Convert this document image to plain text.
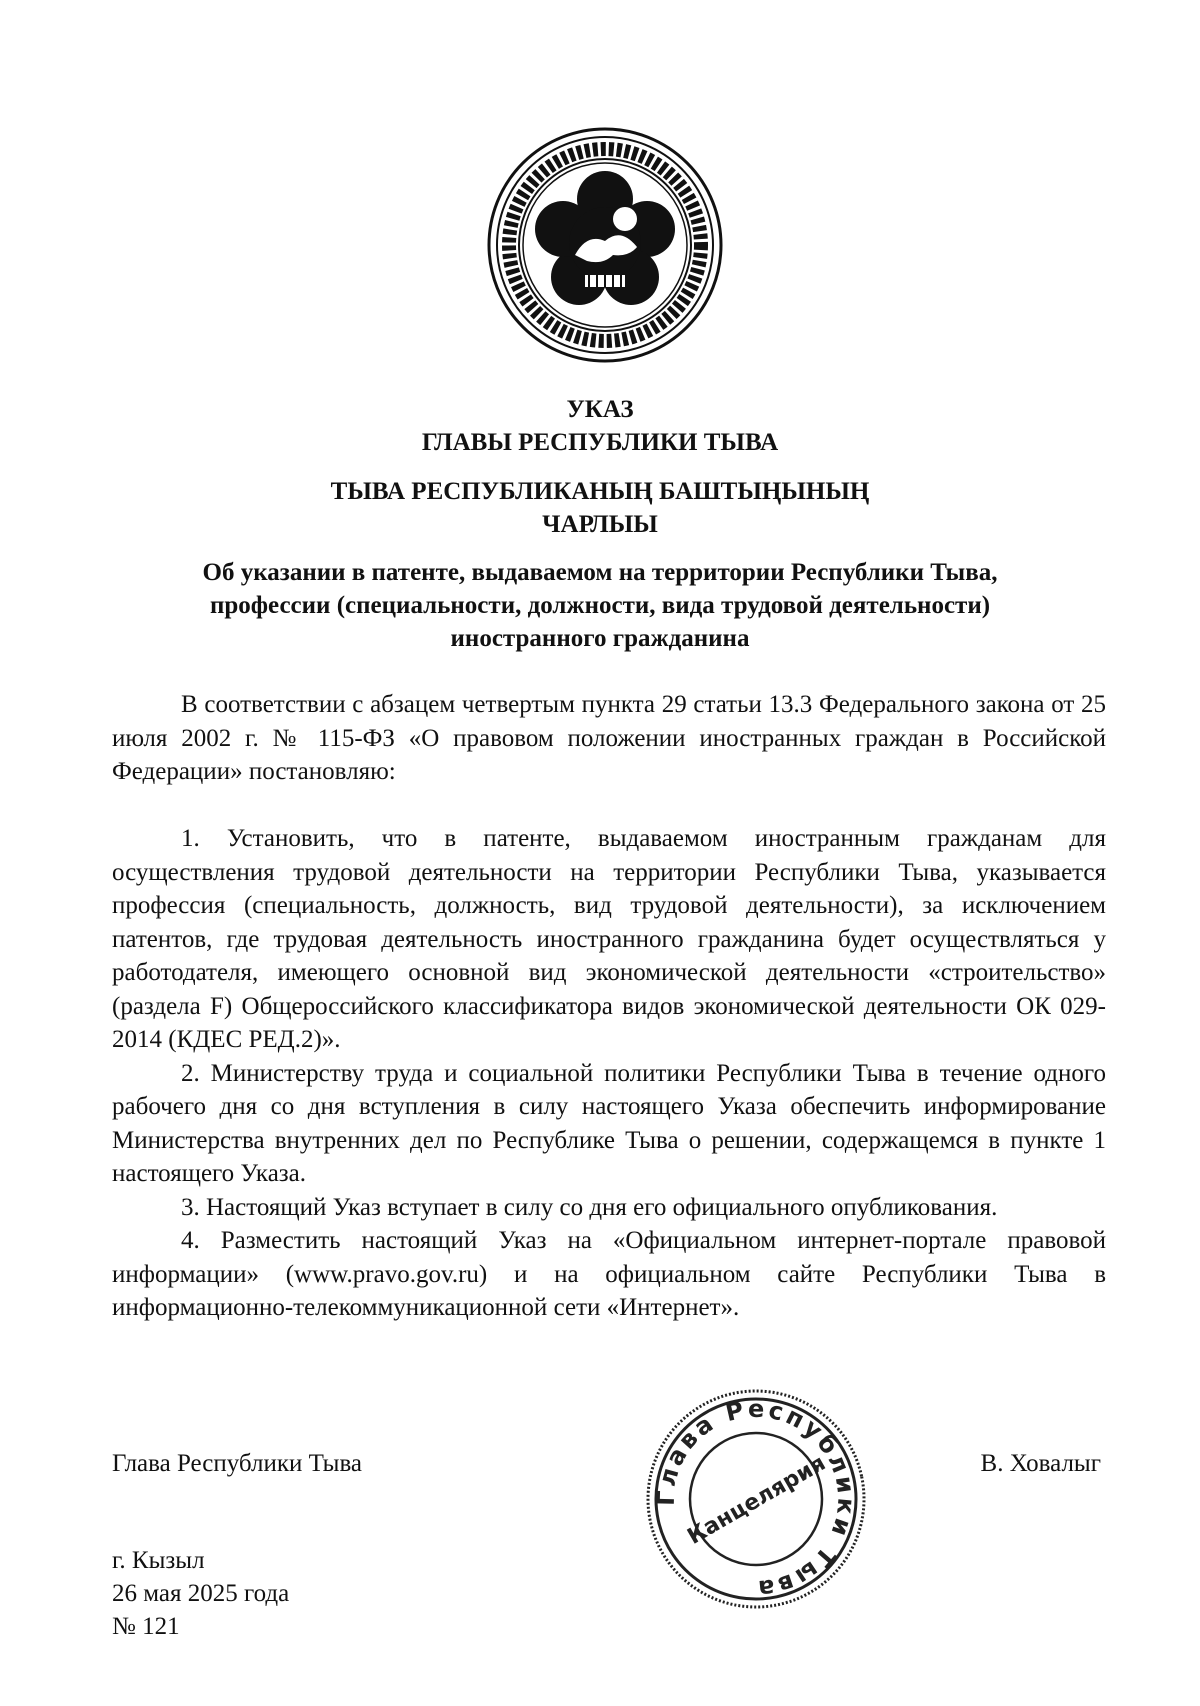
УКАЗ
ГЛАВЫ РЕСПУБЛИКИ ТЫВА
ТЫВА РЕСПУБЛИКАНЫҢ БАШТЫҢЫНЫҢ
ЧАРЛЫЫ
Об указании в патенте, выдаваемом на территории Республики Тыва,
профессии (специальности, должности, вида трудовой деятельности)
иностранного гражданина

В соответствии с абзацем четвертым пункта 29 статьи 13.3 Федерального закона от 25 июля 2002 г. № 115-ФЗ «О правовом положении иностранных граждан в Российской Федерации» постановляю:

1. Установить, что в патенте, выдаваемом иностранным гражданам для осуществления трудовой деятельности на территории Республики Тыва, указывается профессия (специальность, должность, вид трудовой деятельности), за исключением патентов, где трудовая деятельность иностранного гражданина будет осуществляться у работодателя, имеющего основной вид экономической деятельности «строительство» (раздела F) Общероссийского классификатора видов экономической деятельности ОК 029-2014 (КДЕС РЕД.2)».

2. Министерству труда и социальной политики Республики Тыва в течение одного рабочего дня со дня вступления в силу настоящего Указа обеспечить информирование Министерства внутренних дел по Республике Тыва о решении, содержащемся в пункте 1 настоящего Указа.

3. Настоящий Указ вступает в силу со дня его официального опубликования.

4. Разместить настоящий Указ на «Официальном интернет-портале правовой информации» (www.pravo.gov.ru) и на официальном сайте Республики Тыва в информационно-телекоммуникационной сети «Интернет».

Глава Республики Тыва	В. Ховалыг
Глава Республики Тыва
Канцелярия
г. Кызыл
26 мая 2025 года
№ 121
